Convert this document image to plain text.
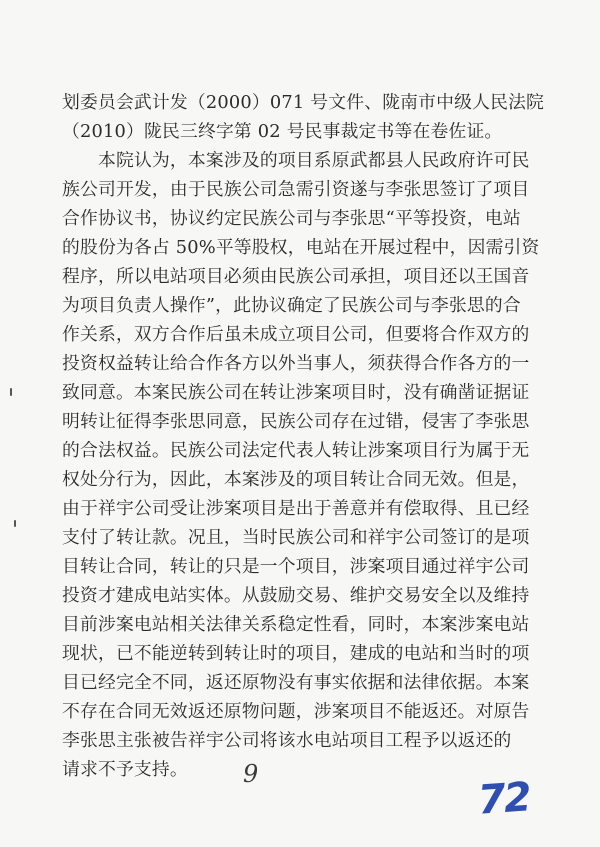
划委员会武计发（2000）071 号文件、陇南市中级人民法院
（2010）陇民三终字第 02 号民事裁定书等在卷佐证。
本院认为，本案涉及的项目系原武都县人民政府许可民
族公司开发，由于民族公司急需引资遂与李张思签订了项目
合作协议书，协议约定民族公司与李张思“平等投资，电站
的股份为各占 50%平等股权，电站在开展过程中，因需引资
程序，所以电站项目必须由民族公司承担，项目还以王国音
为项目负责人操作”，此协议确定了民族公司与李张思的合
作关系，双方合作后虽未成立项目公司，但要将合作双方的
投资权益转让给合作各方以外当事人，须获得合作各方的一
致同意。本案民族公司在转让涉案项目时，没有确凿证据证
明转让征得李张思同意，民族公司存在过错，侵害了李张思
的合法权益。民族公司法定代表人转让涉案项目行为属于无
权处分行为，因此，本案涉及的项目转让合同无效。但是，
由于祥宇公司受让涉案项目是出于善意并有偿取得、且已经
支付了转让款。况且，当时民族公司和祥宇公司签订的是项
目转让合同，转让的只是一个项目，涉案项目通过祥宇公司
投资才建成电站实体。从鼓励交易、维护交易安全以及维持
目前涉案电站相关法律关系稳定性看，同时，本案涉案电站
现状，已不能逆转到转让时的项目，建成的电站和当时的项
目已经完全不同，返还原物没有事实依据和法律依据。本案
不存在合同无效返还原物问题，涉案项目不能返还。对原告
李张思主张被告祥宇公司将该水电站项目工程予以返还的
请求不予支持。 9
72
